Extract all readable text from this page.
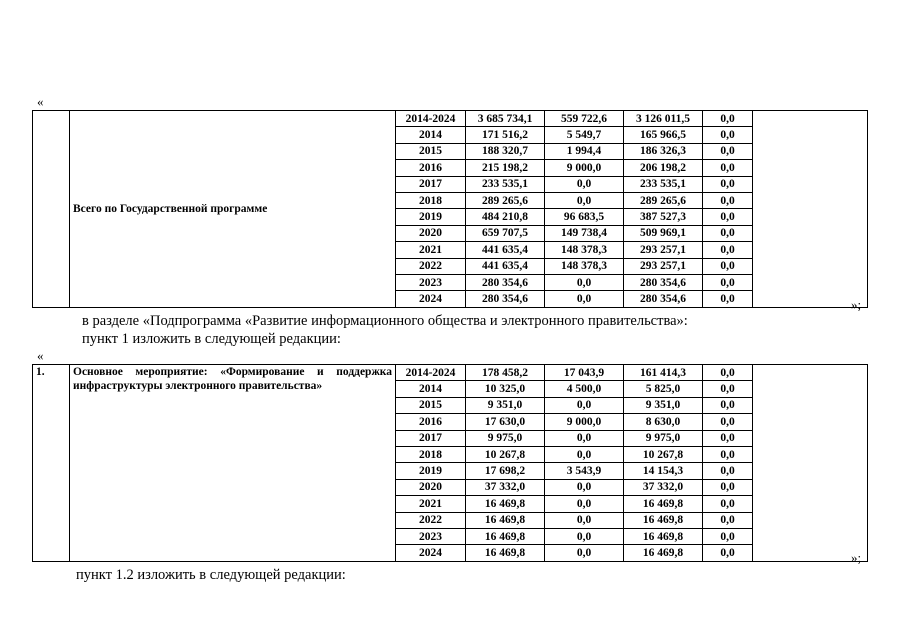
«
	Всего по Государственной программе	2014-2024	3 685 734,1	559 722,6	3 126 011,5	0,0	
		2014	171 516,2	5 549,7	165 966,5	0,0	
		2015	188 320,7	1 994,4	186 326,3	0,0	
		2016	215 198,2	9 000,0	206 198,2	0,0	
		2017	233 535,1	0,0	233 535,1	0,0	
		2018	289 265,6	0,0	289 265,6	0,0	
		2019	484 210,8	96 683,5	387 527,3	0,0	
		2020	659 707,5	149 738,4	509 969,1	0,0	
		2021	441 635,4	148 378,3	293 257,1	0,0	
		2022	441 635,4	148 378,3	293 257,1	0,0	
		2023	280 354,6	0,0	280 354,6	0,0	
		2024	280 354,6	0,0	280 354,6	0,0		»;
в разделе «Подпрограмма «Развитие информационного общества и электронного правительства»:
пункт 1 изложить в следующей редакции:
«
1.	Основное мероприятие: «Формирование и поддержка инфраструктуры электронного правительства»	2014-2024	178 458,2	17 043,9	161 414,3	0,0	
		2014	10 325,0	4 500,0	5 825,0	0,0	
		2015	9 351,0	0,0	9 351,0	0,0	
		2016	17 630,0	9 000,0	8 630,0	0,0	
		2017	9 975,0	0,0	9 975,0	0,0	
		2018	10 267,8	0,0	10 267,8	0,0	
		2019	17 698,2	3 543,9	14 154,3	0,0	
		2020	37 332,0	0,0	37 332,0	0,0	
		2021	16 469,8	0,0	16 469,8	0,0	
		2022	16 469,8	0,0	16 469,8	0,0	
		2023	16 469,8	0,0	16 469,8	0,0	
		2024	16 469,8	0,0	16 469,8	0,0		»;
пункт 1.2 изложить в следующей редакции:
